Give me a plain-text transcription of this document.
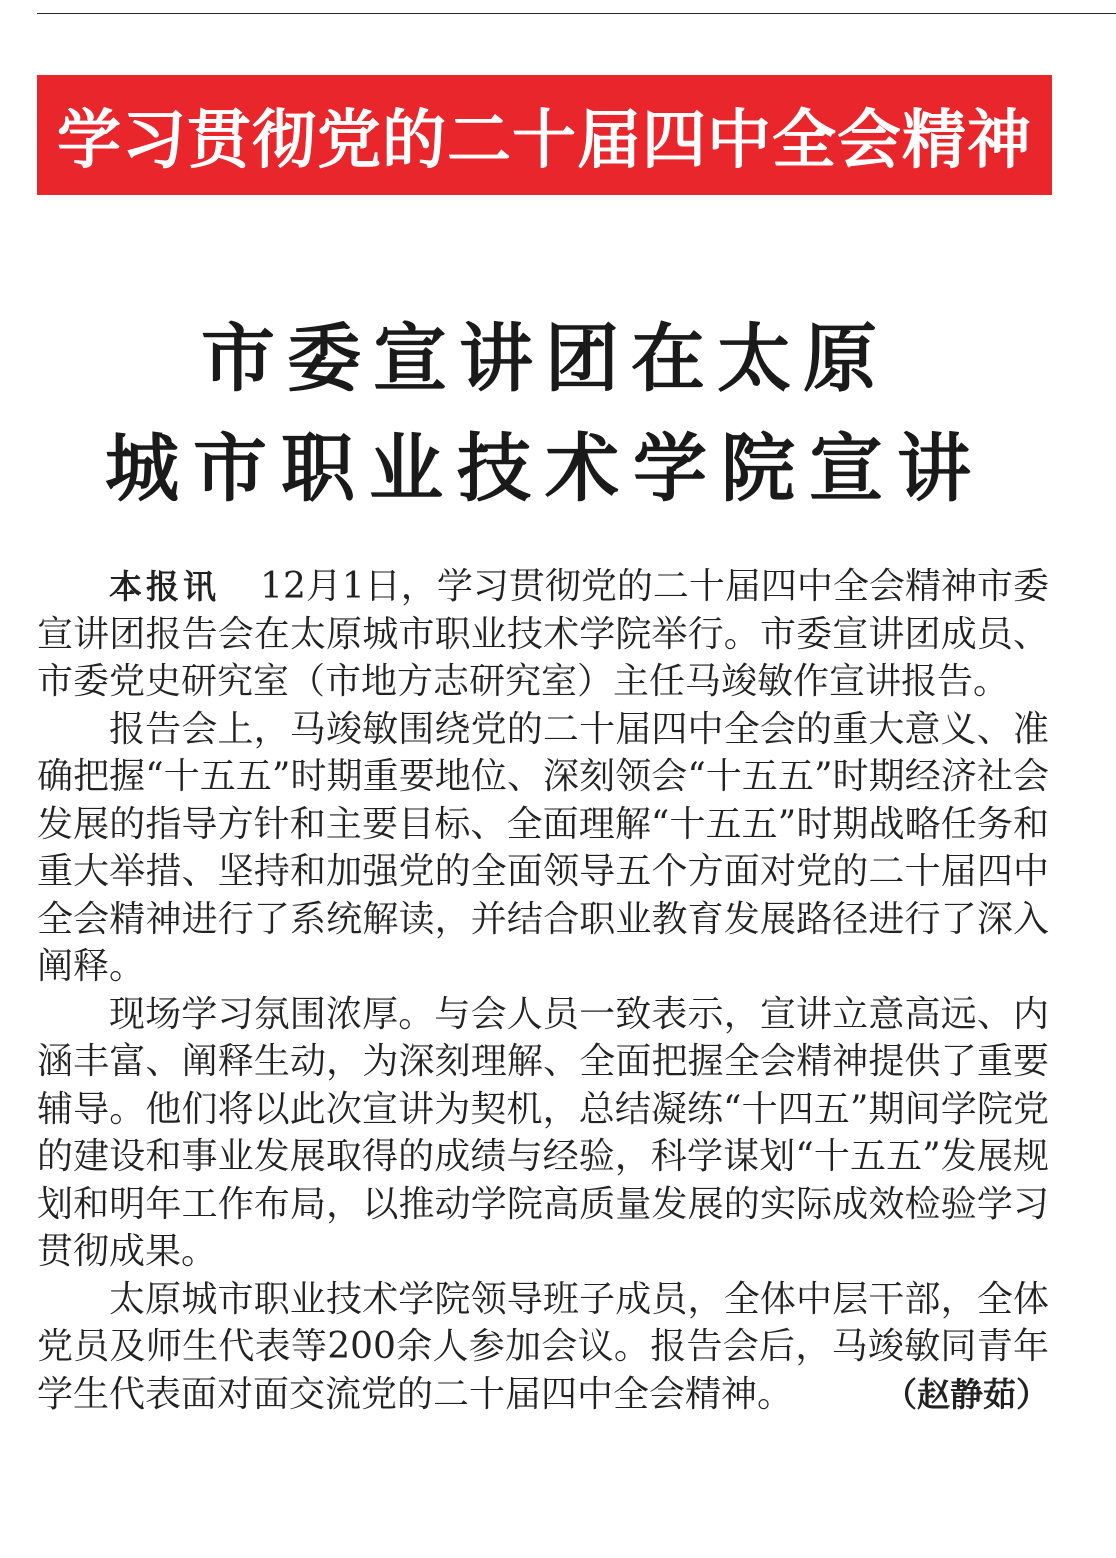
学习贯彻党的二十届四中全会精神
市委宣讲团在太原
城市职业技术学院宣讲

本报讯 12月1日，学习贯彻党的二十届四中全会精神市委宣讲团报告会在太原城市职业技术学院举行。市委宣讲团成员、市委党史研究室（市地方志研究室）主任马竣敏作宣讲报告。

报告会上，马竣敏围绕党的二十届四中全会的重大意义、准确把握“十五五”时期重要地位、深刻领会“十五五”时期经济社会发展的指导方针和主要目标、全面理解“十五五”时期战略任务和重大举措、坚持和加强党的全面领导五个方面对党的二十届四中全会精神进行了系统解读，并结合职业教育发展路径进行了深入阐释。

现场学习氛围浓厚。与会人员一致表示，宣讲立意高远、内涵丰富、阐释生动，为深刻理解、全面把握全会精神提供了重要辅导。他们将以此次宣讲为契机，总结凝练“十四五”期间学院党的建设和事业发展取得的成绩与经验，科学谋划“十五五”发展规划和明年工作布局，以推动学院高质量发展的实际成效检验学习贯彻成果。

太原城市职业技术学院领导班子成员，全体中层干部，全体党员及师生代表等200余人参加会议。报告会后，马竣敏同青年学生代表面对面交流党的二十届四中全会精神。	（赵静茹）
